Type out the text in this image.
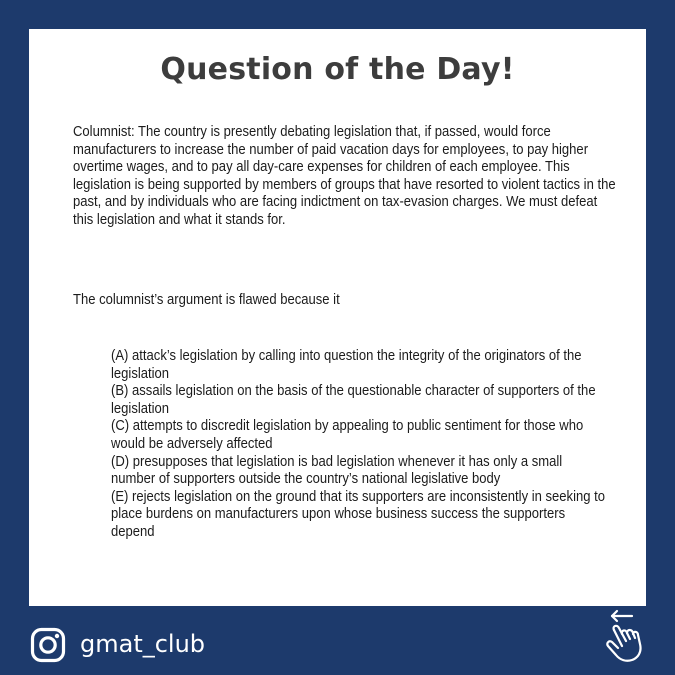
Question of the Day!
Columnist: The country is presently debating legislation that, if passed, would force manufacturers to increase the number of paid vacation days for employees, to pay higher overtime wages, and to pay all day-care expenses for children of each employee. This legislation is being supported by members of groups that have resorted to violent tactics in the past, and by individuals who are facing indictment on tax-evasion charges. We must defeat this legislation and what it stands for.
The columnist’s argument is flawed because it
(A) attack’s legislation by calling into question the integrity of the originators of the legislation
(B) assails legislation on the basis of the questionable character of supporters of the legislation
(C) attempts to discredit legislation by appealing to public sentiment for those who would be adversely affected
(D) presupposes that legislation is bad legislation whenever it has only a small number of supporters outside the country’s national legislative body
(E) rejects legislation on the ground that its supporters are inconsistently in seeking to place burdens on manufacturers upon whose business success the supporters depend
gmat_club
